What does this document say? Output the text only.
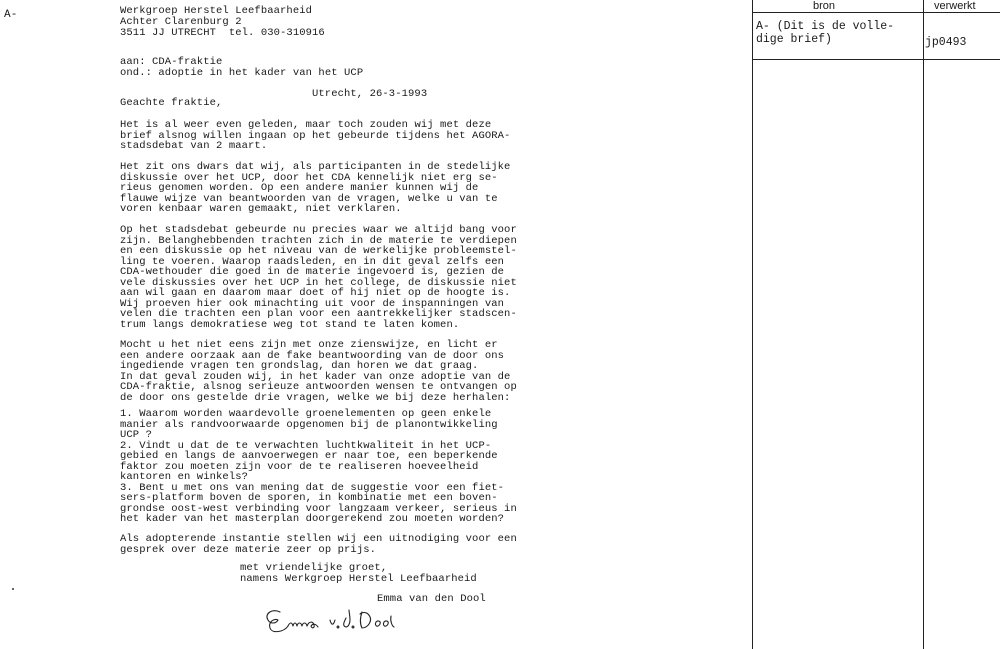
A-	Werkgroep Herstel Leefbaarheid
Achter Clarenburg 2
3511 JJ UTRECHT  tel. 030-310916
aan: CDA-fraktie
ond.: adoptie in het kader van het UCP
Utrecht, 26-3-1993
Geachte fraktie,
Het is al weer even geleden, maar toch zouden wij met deze
brief alsnog willen ingaan op het gebeurde tijdens het AGORA-
stadsdebat van 2 maart.
Het zit ons dwars dat wij, als participanten in de stedelijke
diskussie over het UCP, door het CDA kennelijk niet erg se-
rieus genomen worden. Op een andere manier kunnen wij de
flauwe wijze van beantwoorden van de vragen, welke u van te
voren kenbaar waren gemaakt, niet verklaren.
Op het stadsdebat gebeurde nu precies waar we altijd bang voor
zijn. Belanghebbenden trachten zich in de materie te verdiepen
en een diskussie op het niveau van de werkelijke probleemstel-
ling te voeren. Waarop raadsleden, en in dit geval zelfs een
CDA-wethouder die goed in de materie ingevoerd is, gezien de
vele diskussies over het UCP in het college, de diskussie niet
aan wil gaan en daarom maar doet of hij niet op de hoogte is.
Wij proeven hier ook minachting uit voor de inspanningen van
velen die trachten een plan voor een aantrekkelijker stadscen-
trum langs demokratiese weg tot stand te laten komen.
Mocht u het niet eens zijn met onze zienswijze, en licht er
een andere oorzaak aan de fake beantwoording van de door ons
ingediende vragen ten grondslag, dan horen we dat graag.
In dat geval zouden wij, in het kader van onze adoptie van de
CDA-fraktie, alsnog serieuze antwoorden wensen te ontvangen op
de door ons gestelde drie vragen, welke we bij deze herhalen:
1. Waarom worden waardevolle groenelementen op geen enkele
manier als randvoorwaarde opgenomen bij de planontwikkeling
UCP ?
2. Vindt u dat de te verwachten luchtkwaliteit in het UCP-
gebied en langs de aanvoerwegen er naar toe, een beperkende
faktor zou moeten zijn voor de te realiseren hoeveelheid
kantoren en winkels?
3. Bent u met ons van mening dat de suggestie voor een fiet-
sers-platform boven de sporen, in kombinatie met een boven-
grondse oost-west verbinding voor langzaam verkeer, serieus in
het kader van het masterplan doorgerekend zou moeten worden?
Als adopterende instantie stellen wij een uitnodiging voor een
gesprek over deze materie zeer op prijs.
met vriendelijke groet,
namens Werkgroep Herstel Leefbaarheid
Emma van den Dool
bron	verwerkt
A- (Dit is de volle-
dige brief)	jp0493
